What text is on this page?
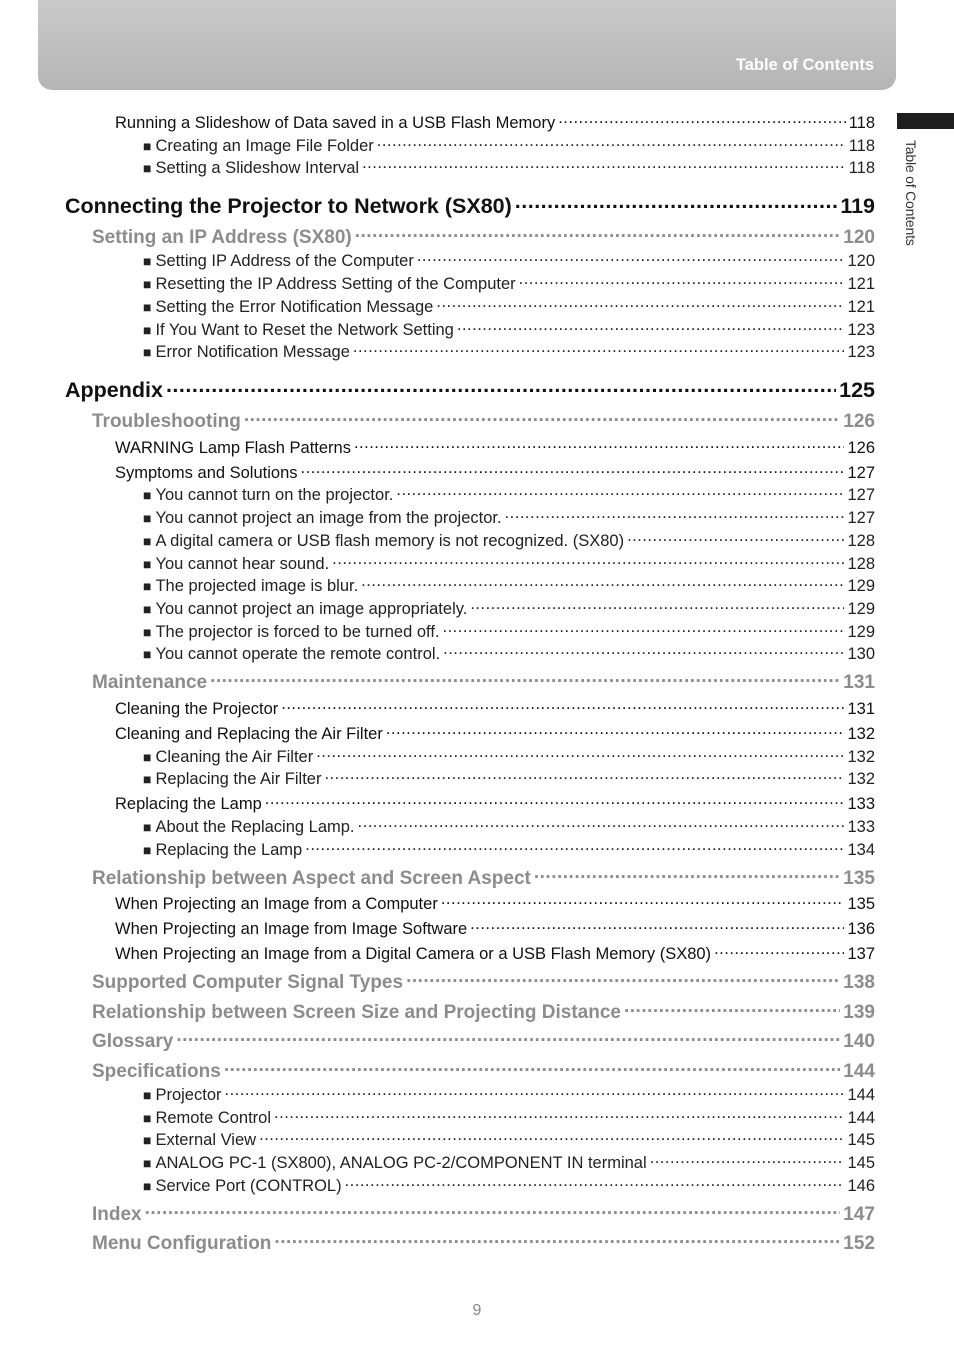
Table of Contents
Table of Contents
Running a Slideshow of Data saved in a USB Flash Memory .....	118
■ Creating an Image File Folder .....	118
■ Setting a Slideshow Interval .....	118
Connecting the Projector to Network (SX80) .....	119
Setting an IP Address (SX80) .....	120
■ Setting IP Address of the Computer .....	120
■ Resetting the IP Address Setting of the Computer .....	121
■ Setting the Error Notification Message .....	121
■ If You Want to Reset the Network Setting .....	123
■ Error Notification Message .....	123
Appendix .....	125
Troubleshooting .....	126
WARNING Lamp Flash Patterns .....	126
Symptoms and Solutions .....	127
■ You cannot turn on the projector. .....	127
■ You cannot project an image from the projector. .....	127
■ A digital camera or USB flash memory is not recognized. (SX80) .....	128
■ You cannot hear sound. .....	128
■ The projected image is blur. .....	129
■ You cannot project an image appropriately. .....	129
■ The projector is forced to be turned off. .....	129
■ You cannot operate the remote control. .....	130
Maintenance .....	131
Cleaning the Projector .....	131
Cleaning and Replacing the Air Filter .....	132
■ Cleaning the Air Filter .....	132
■ Replacing the Air Filter .....	132
Replacing the Lamp .....	133
■ About the Replacing Lamp. .....	133
■ Replacing the Lamp .....	134
Relationship between Aspect and Screen Aspect .....	135
When Projecting an Image from a Computer .....	135
When Projecting an Image from Image Software .....	136
When Projecting an Image from a Digital Camera or a USB Flash Memory (SX80) .....	137
Supported Computer Signal Types .....	138
Relationship between Screen Size and Projecting Distance .....	139
Glossary .....	140
Specifications .....	144
■ Projector .....	144
■ Remote Control .....	144
■ External View .....	145
■ ANALOG PC-1 (SX800), ANALOG PC-2/COMPONENT IN terminal .....	145
■ Service Port (CONTROL) .....	146
Index .....	147
Menu Configuration .....	152
9
